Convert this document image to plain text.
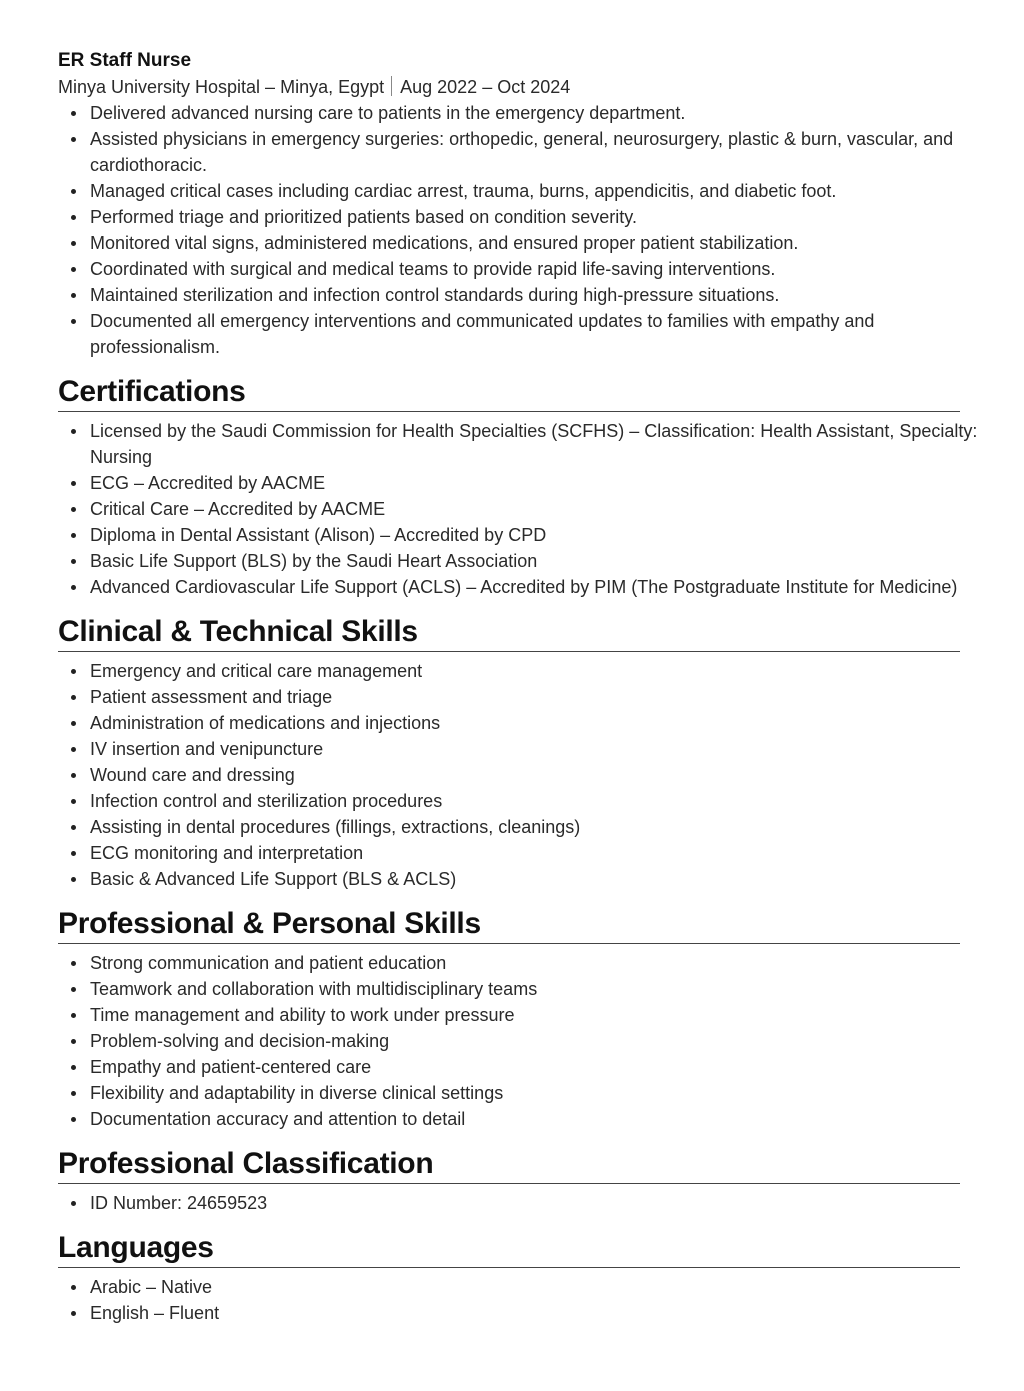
ER Staff Nurse

Minya University Hospital – Minya, Egypt Aug 2022 – Oct 2024

Delivered advanced nursing care to patients in the emergency department.
Assisted physicians in emergency surgeries: orthopedic, general, neurosurgery, plastic & burn, vascular, and cardiothoracic.
Managed critical cases including cardiac arrest, trauma, burns, appendicitis, and diabetic foot.
Performed triage and prioritized patients based on condition severity.
Monitored vital signs, administered medications, and ensured proper patient stabilization.
Coordinated with surgical and medical teams to provide rapid life-saving interventions.
Maintained sterilization and infection control standards during high-pressure situations.
Documented all emergency interventions and communicated updates to families with empathy and professionalism.
Certifications
Licensed by the Saudi Commission for Health Specialties (SCFHS) – Classification: Health Assistant, Specialty: Nursing
ECG – Accredited by AACME
Critical Care – Accredited by AACME
Diploma in Dental Assistant (Alison) – Accredited by CPD
Basic Life Support (BLS) by the Saudi Heart Association
Advanced Cardiovascular Life Support (ACLS) – Accredited by PIM (The Postgraduate Institute for Medicine)
Clinical & Technical Skills
Emergency and critical care management
Patient assessment and triage
Administration of medications and injections
IV insertion and venipuncture
Wound care and dressing
Infection control and sterilization procedures
Assisting in dental procedures (fillings, extractions, cleanings)
ECG monitoring and interpretation
Basic & Advanced Life Support (BLS & ACLS)
Professional & Personal Skills
Strong communication and patient education
Teamwork and collaboration with multidisciplinary teams
Time management and ability to work under pressure
Problem-solving and decision-making
Empathy and patient-centered care
Flexibility and adaptability in diverse clinical settings
Documentation accuracy and attention to detail
Professional Classification
ID Number: 24659523
Languages
Arabic – Native
English – Fluent
